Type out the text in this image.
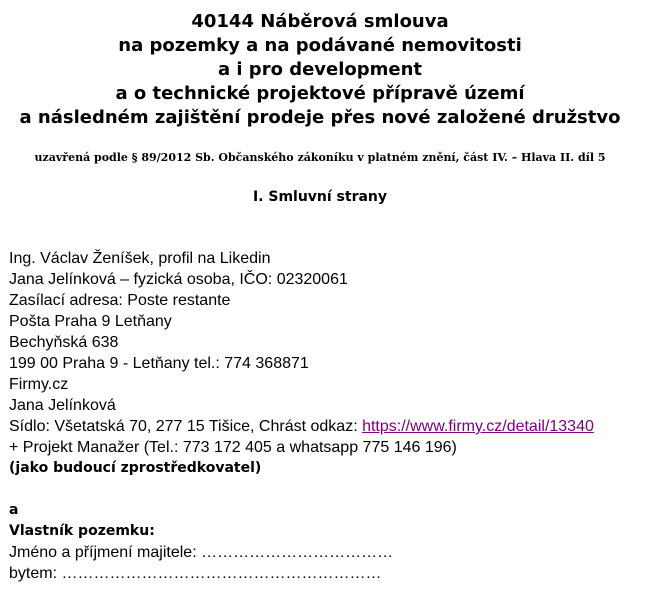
40144 Náběrová smlouva
na pozemky a na podávané nemovitosti
a i pro development
a o technické projektové přípravě území
a následném zajištění prodeje přes nové založené družstvo
uzavřená podle § 89/2012 Sb. Občanského zákoníku v platném znění, část IV. – Hlava II. díl 5
I. Smluvní strany
Ing. Václav Ženíšek, profil na Likedin
Jana Jelínková – fyzická osoba, IČO: 02320061
Zasílací adresa: Poste restante
Pošta Praha 9 Letňany
Bechyňská 638
199 00 Praha 9 - Letňany tel.: 774 368871
Firmy.cz
Jana Jelínková
Sídlo: Všetatská 70, 277 15 Tišice, Chrást odkaz: https://www.firmy.cz/detail/13340
+ Projekt Manažer (Tel.: 773 172 405 a whatsapp 775 146 196)
(jako budoucí zprostředkovatel)
a
Vlastník pozemku:
Jméno a příjmení majitele: ………………………………
bytem: ……………………………………………………
